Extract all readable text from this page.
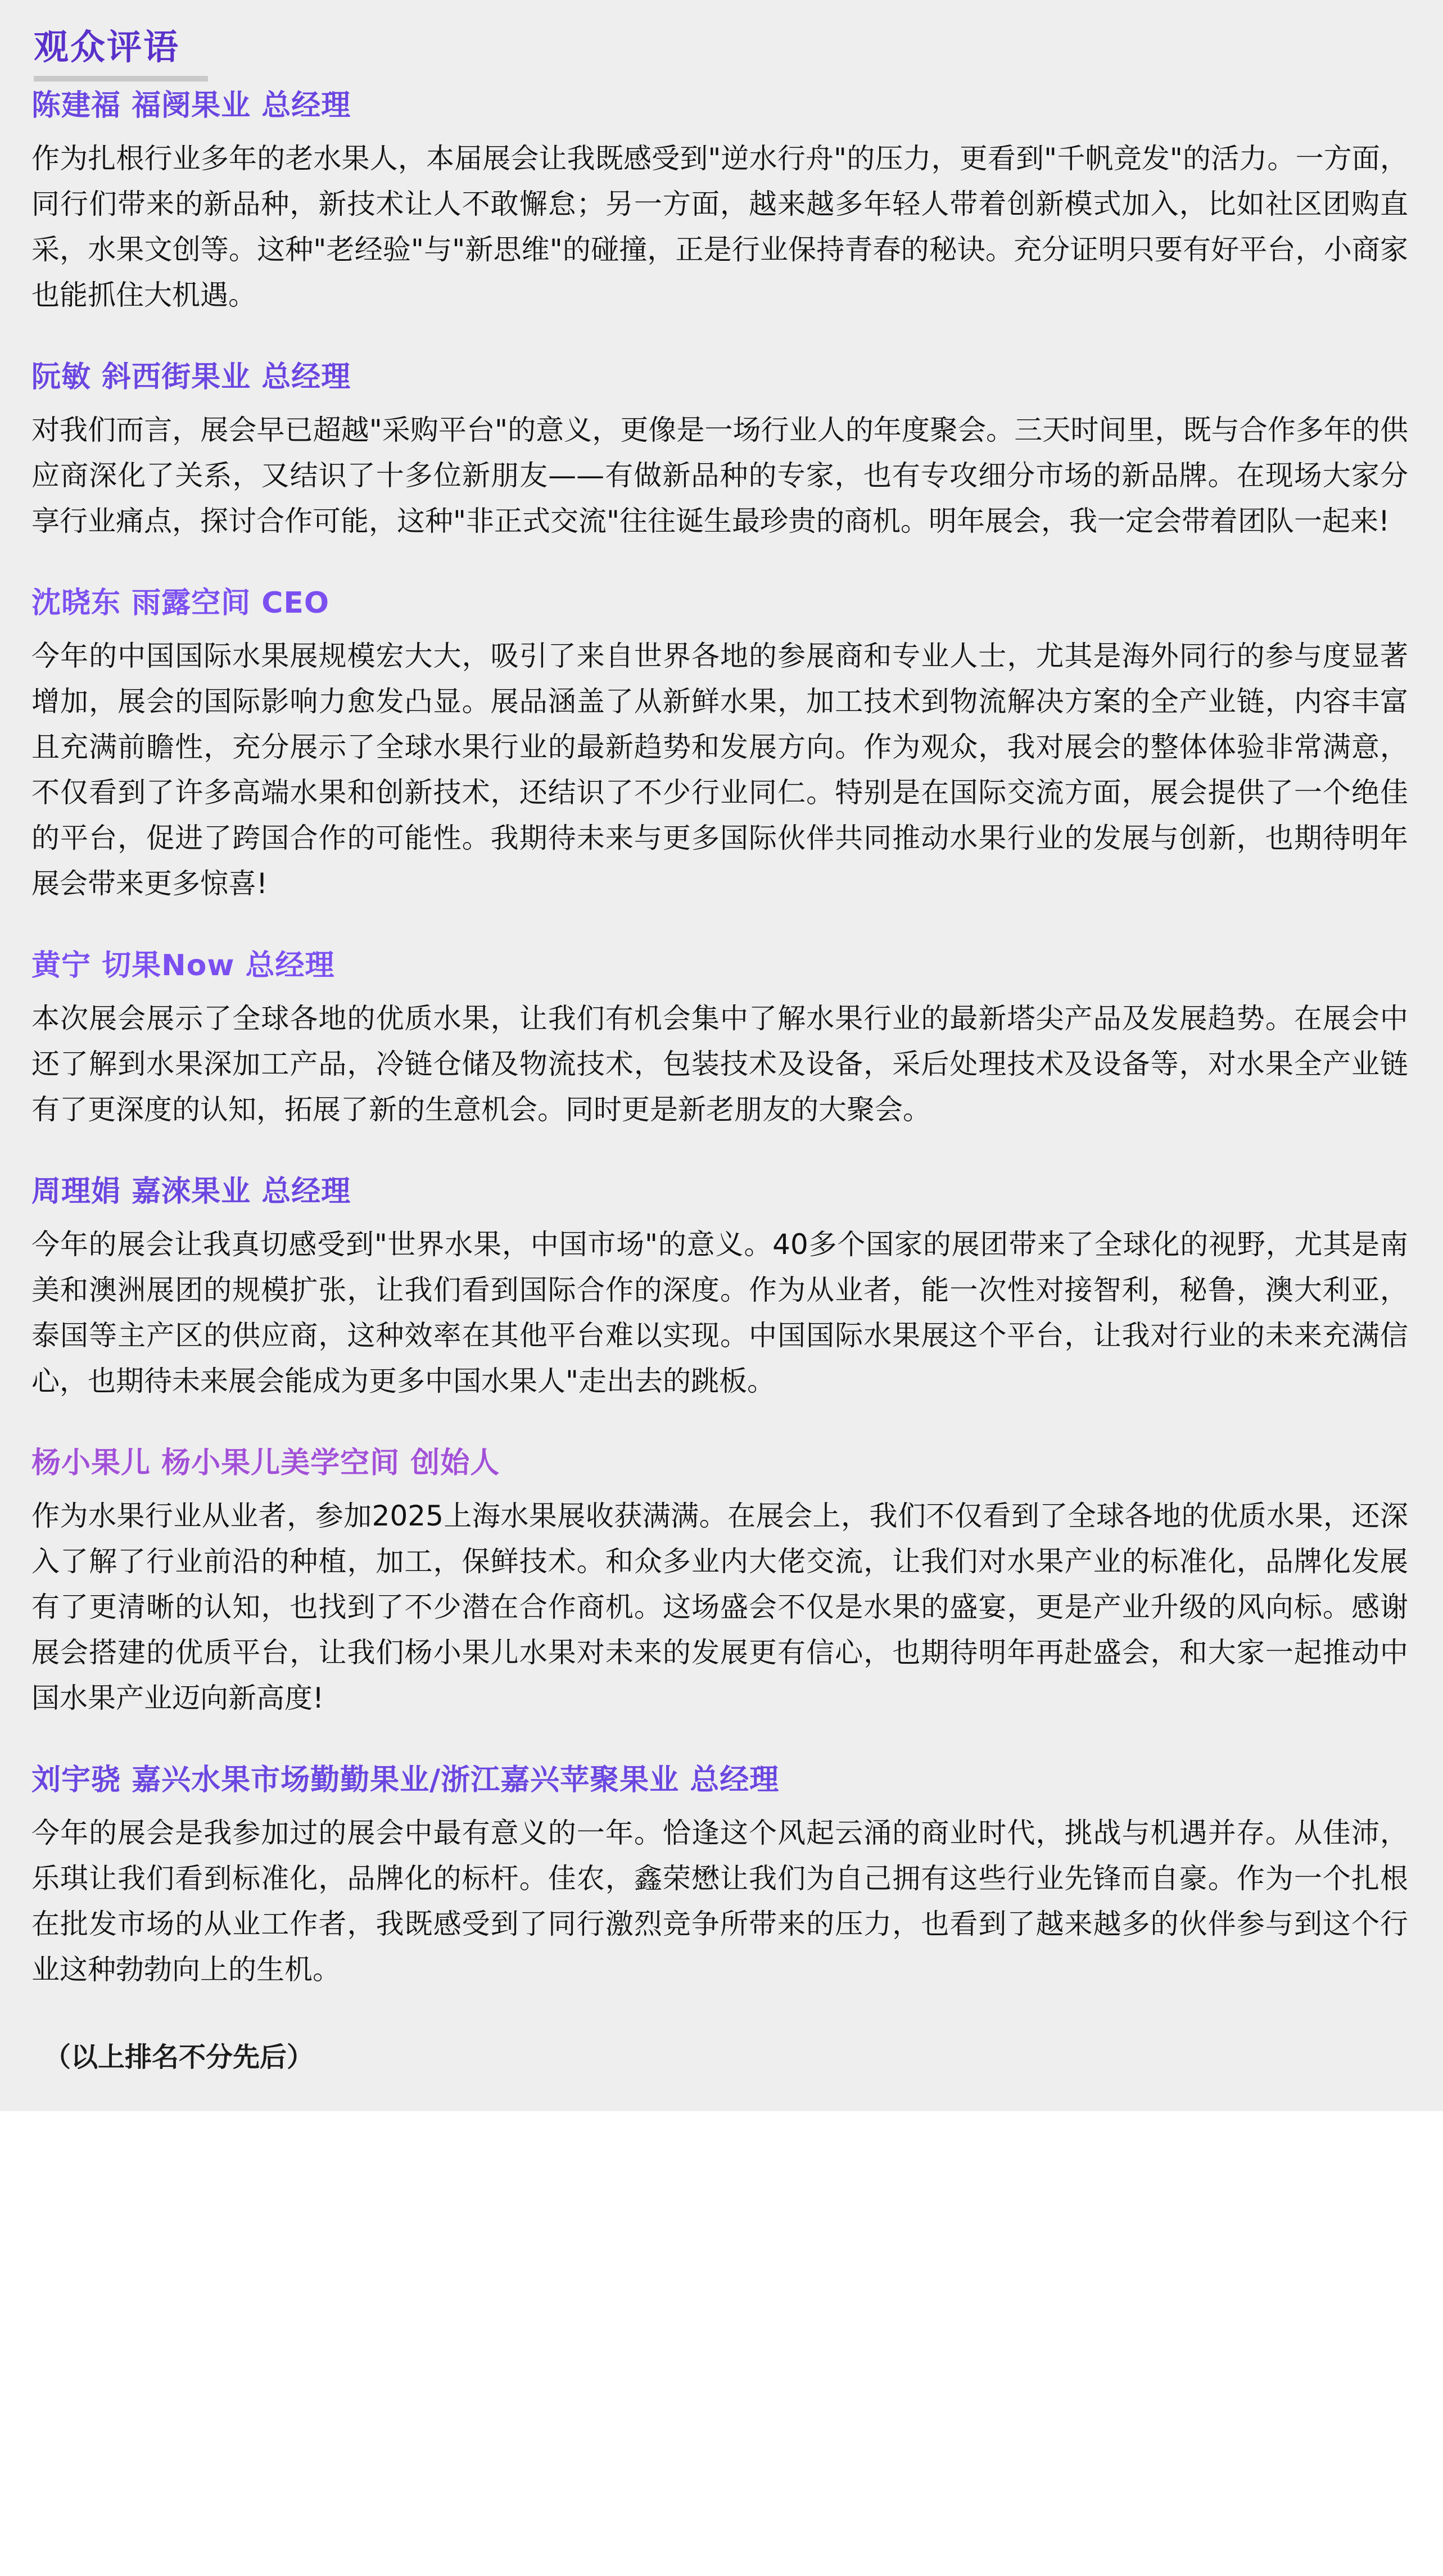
观众评语
陈建福 福阌果业 总经理
作为扎根行业多年的老水果人，本届展会让我既感受到"逆水行舟"的压力，更看到"千帆竞发"的活力。一方面，同行们带来的新品种，新技术让人不敢懈怠；另一方面，越来越多年轻人带着创新模式加入，比如社区团购直采，水果文创等。这种"老经验"与"新思维"的碰撞，正是行业保持青春的秘诀。充分证明只要有好平台，小商家也能抓住大机遇。
阮敏 斜西街果业 总经理
对我们而言，展会早已超越"采购平台"的意义，更像是一场行业人的年度聚会。三天时间里，既与合作多年的供应商深化了关系，又结识了十多位新朋友——有做新品种的专家，也有专攻细分市场的新品牌。在现场大家分享行业痛点，探讨合作可能，这种"非正式交流"往往诞生最珍贵的商机。明年展会，我一定会带着团队一起来!
沈晓东 雨露空间 CEO
今年的中国国际水果展规模宏大大，吸引了来自世界各地的参展商和专业人士，尤其是海外同行的参与度显著增加，展会的国际影响力愈发凸显。展品涵盖了从新鲜水果，加工技术到物流解决方案的全产业链，内容丰富且充满前瞻性，充分展示了全球水果行业的最新趋势和发展方向。作为观众，我对展会的整体体验非常满意，不仅看到了许多高端水果和创新技术，还结识了不少行业同仁。特别是在国际交流方面，展会提供了一个绝佳的平台，促进了跨国合作的可能性。我期待未来与更多国际伙伴共同推动水果行业的发展与创新，也期待明年展会带来更多惊喜!
黄宁 切果Now 总经理
本次展会展示了全球各地的优质水果，让我们有机会集中了解水果行业的最新塔尖产品及发展趋势。在展会中还了解到水果深加工产品，冷链仓储及物流技术，包装技术及设备，采后处理技术及设备等，对水果全产业链有了更深度的认知，拓展了新的生意机会。同时更是新老朋友的大聚会。
周理娟 嘉淶果业 总经理
今年的展会让我真切感受到"世界水果，中国市场"的意义。40多个国家的展团带来了全球化的视野，尤其是南美和澳洲展团的规模扩张，让我们看到国际合作的深度。作为从业者，能一次性对接智利，秘鲁，澳大利亚，泰国等主产区的供应商，这种效率在其他平台难以实现。中国国际水果展这个平台，让我对行业的未来充满信心，也期待未来展会能成为更多中国水果人"走出去的跳板。
杨小果儿 杨小果儿美学空间 创始人
作为水果行业从业者，参加2025上海水果展收获满满。在展会上，我们不仅看到了全球各地的优质水果，还深入了解了行业前沿的种植，加工，保鲜技术。和众多业内大佬交流，让我们对水果产业的标准化，品牌化发展有了更清晰的认知，也找到了不少潜在合作商机。这场盛会不仅是水果的盛宴，更是产业升级的风向标。感谢展会搭建的优质平台，让我们杨小果儿水果对未来的发展更有信心，也期待明年再赴盛会，和大家一起推动中国水果产业迈向新高度!
刘宇骁 嘉兴水果市场勤勤果业/浙江嘉兴苹聚果业 总经理
今年的展会是我参加过的展会中最有意义的一年。恰逢这个风起云涌的商业时代，挑战与机遇并存。从佳沛，乐琪让我们看到标准化，品牌化的标杆。佳农，鑫荣懋让我们为自己拥有这些行业先锋而自豪。作为一个扎根在批发市场的从业工作者，我既感受到了同行激烈竞争所带来的压力，也看到了越来越多的伙伴参与到这个行业这种勃勃向上的生机。
（以上排名不分先后）
